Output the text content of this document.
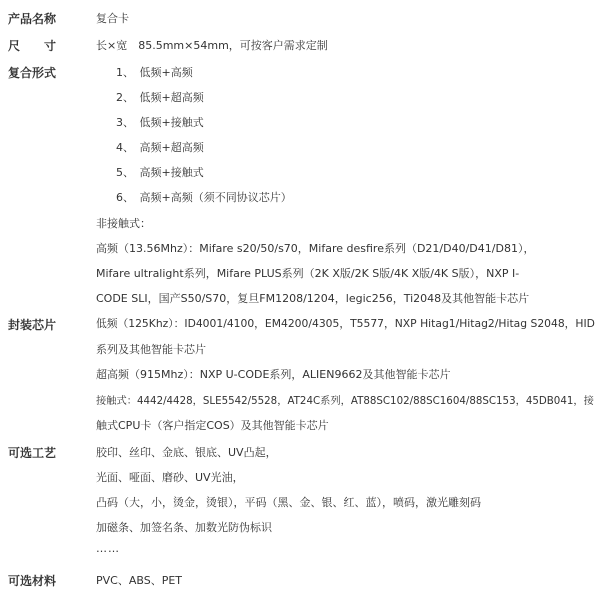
产品名称	复合卡
尺　　寸	长×宽　85.5mm×54mm，可按客户需求定制
复合形式	1、　低频+高频
2、　低频+超高频
3、　低频+接触式
4、　高频+超高频
5、　高频+接触式
6、　高频+高频（须不同协议芯片）
非接触式：
高频（13.56Mhz）：Mifare s20/50/s70，Mifare desfire系列（D21/D40/D41/D81），
Mifare ultralight系列，Mifare PLUS系列（2K X版/2K S版/4K X版/4K S版），NXP I-
CODE SLI，国产S50/S70，复旦FM1208/1204，legic256，Ti2048及其他智能卡芯片
封装芯片	低频（125Khz）：ID4001/4100，EM4200/4305，T5577，NXP Hitag1/Hitag2/Hitag S2048，HID
系列及其他智能卡芯片
超高频（915Mhz）：NXP U-CODE系列，ALIEN9662及其他智能卡芯片
接触式：4442/4428，SLE5542/5528，AT24C系列，AT88SC102/88SC1604/88SC153，45DB041，接
触式CPU卡（客户指定COS）及其他智能卡芯片
可选工艺	胶印、丝印、金底、银底、UV凸起，
光面、哑面、磨砂、UV光油，
凸码（大，小，烫金，烫银），平码（黑、金、银、红、蓝），喷码，激光雕刻码
加磁条、加签名条、加数光防伪标识
……
可选材料	PVC、ABS、PET
